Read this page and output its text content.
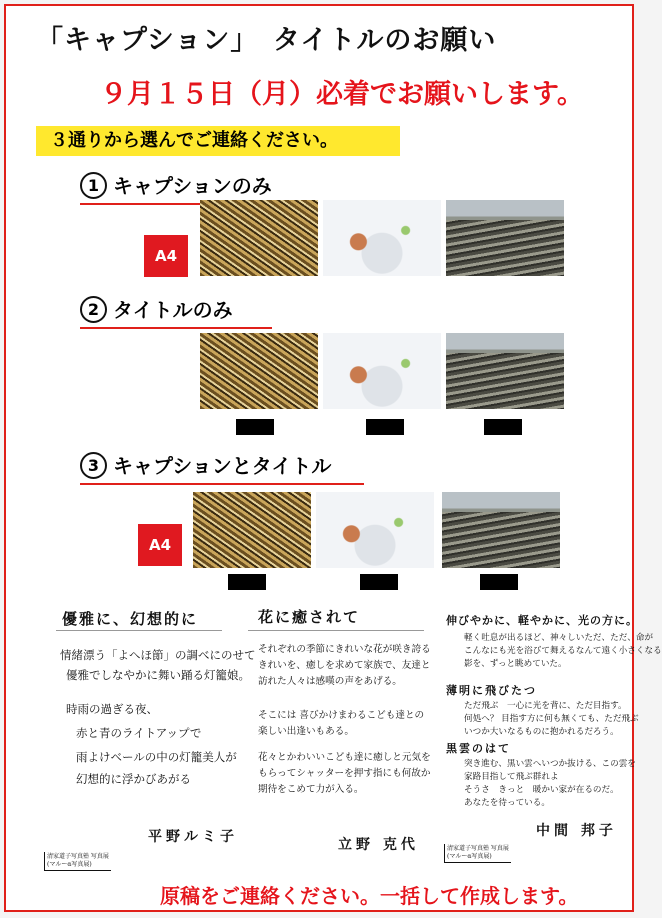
「キャプション」　タイトルのお願い
９月１５日（月）必着でお願いします。
３通りから選んでご連絡ください。
1 キャプションのみ
A4
2 タイトルのみ
3 キャプションとタイトル
A4
優雅に、幻想的に
情緒漂う「よへほ節」の調べにのせて
優雅でしなやかに舞い踊る灯籠娘。
時雨の過ぎる夜、
赤と青のライトアップで
雨よけベールの中の灯籠美人が
幻想的に浮かびあがる
平野ルミ子
清家道子写真塾 写真展
(マルーα写真展)
花に癒されて

それぞれの季節にきれいな花が咲き誇る

きれいを、癒しを求めて家族で、友達と

訪れた人々は感嘆の声をあげる。

そこには 喜びかけまわるこども達との

楽しい出逢いもある。

花々とかわいいこども達に癒しと元気を

もらってシャッターを押す指にも何故か

期待をこめて力が入る。

立野 克代
伸びやかに、軽やかに、光の方に。

軽く吐息が出るほど、神々しいただ、ただ、命が

こんなにも光を浴びて舞えるなんて遠く小さくなる

影を、ずっと眺めていた。

薄明に飛びたつ

ただ飛ぶ　一心に光を背に、ただ目指す。

何処へ？ 目指す方に何も無くても、ただ飛ぶ

いつか大いなるものに抱かれるだろう。

黒雲のはて

突き進む、黒い雲へいつか抜ける、この雲を

家路目指して飛ぶ群れよ

そうさ　きっと　暖かい家が在るのだ。

あなたを待っている。

中間 邦子
清家道子写真塾 写真展
(マルーα写真展)
原稿をご連絡ください。一括して作成します。
